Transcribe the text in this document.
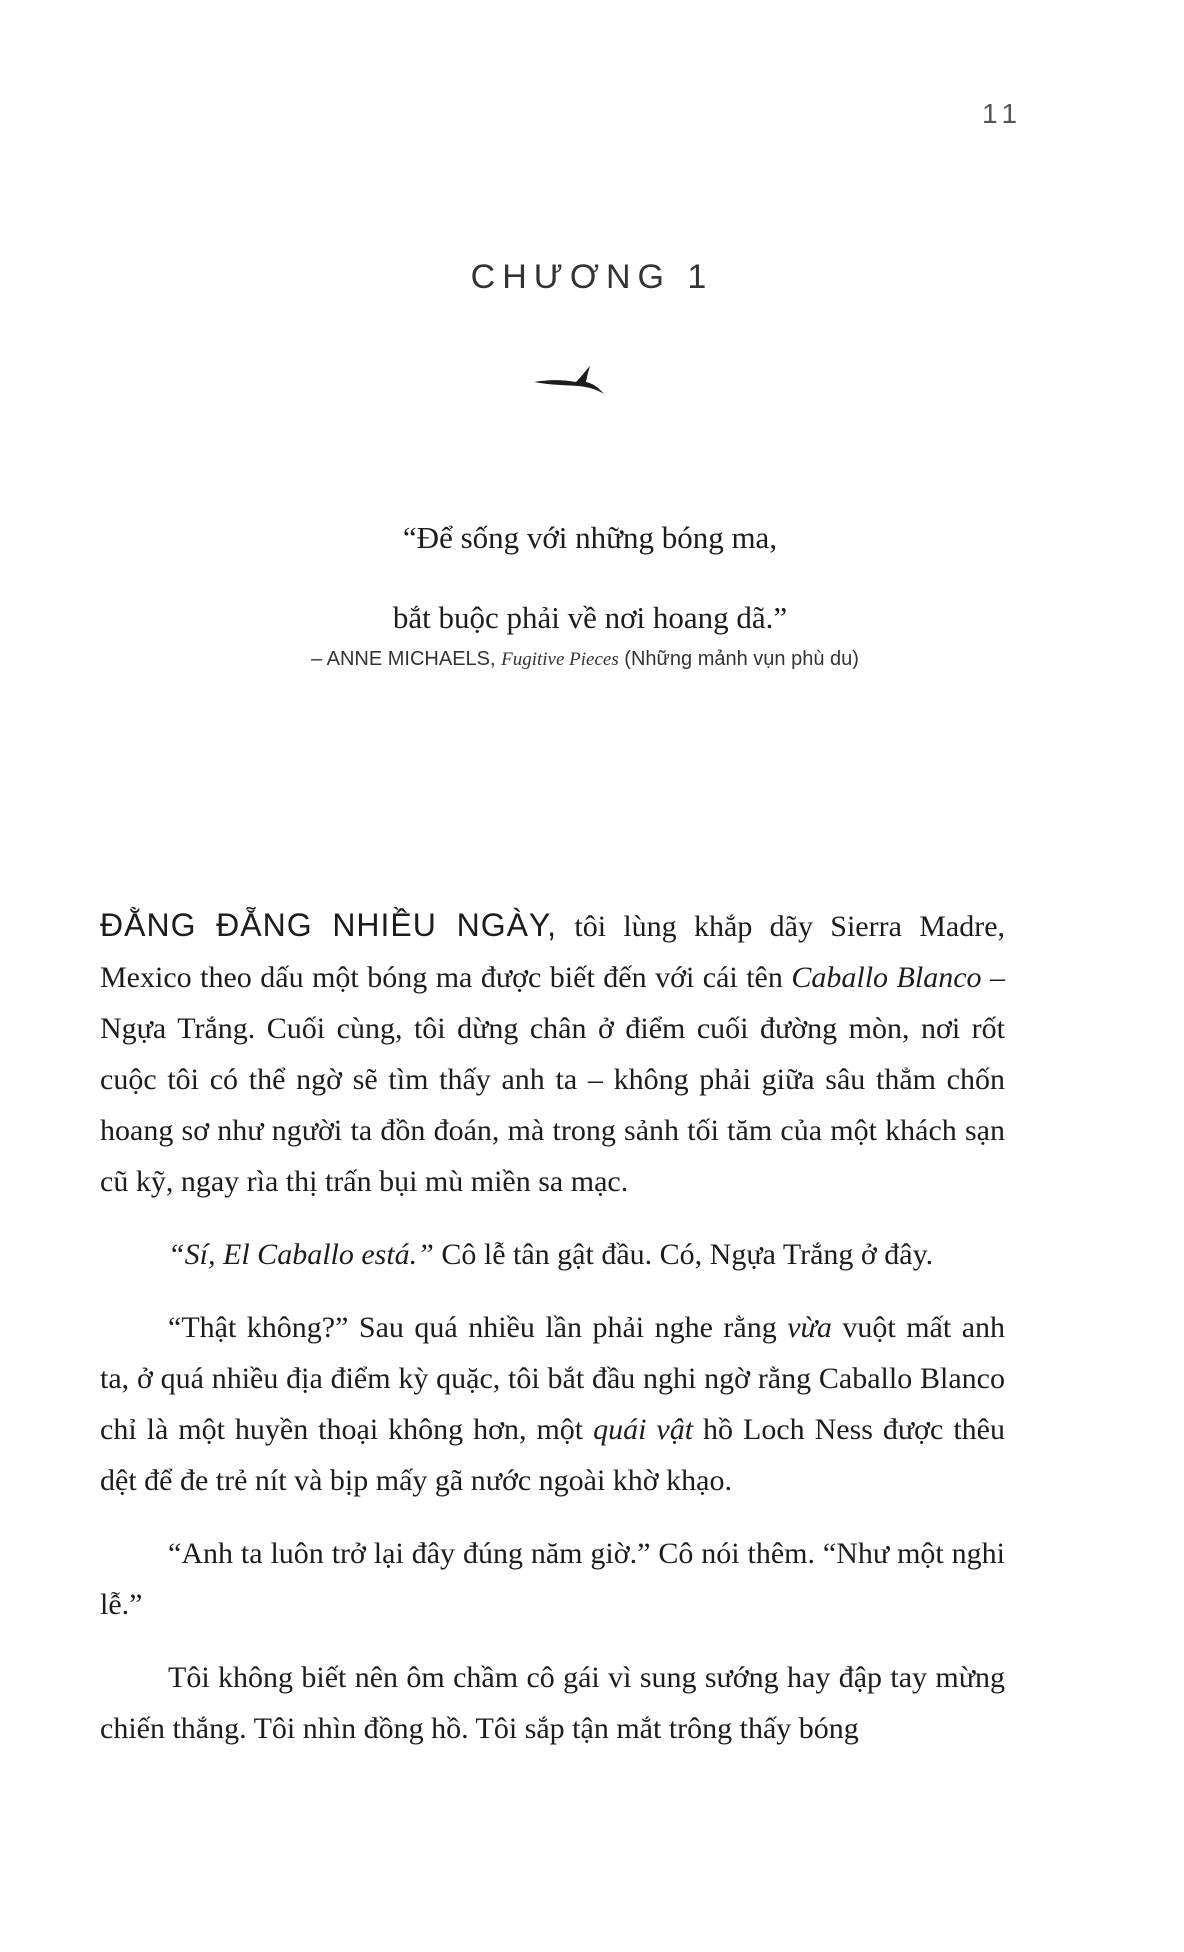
11
CHƯƠNG 1

“Để sống với những bóng ma,

bắt buộc phải về nơi hoang dã.”

– ANNE MICHAELS, Fugitive Pieces (Những mảnh vụn phù du)

ĐẰNG ĐẴNG NHIỀU NGÀY, tôi lùng khắp dãy Sierra Madre, Mexico theo dấu một bóng ma được biết đến với cái tên Caballo Blanco – Ngựa Trắng. Cuối cùng, tôi dừng chân ở điểm cuối đường mòn, nơi rốt cuộc tôi có thể ngờ sẽ tìm thấy anh ta – không phải giữa sâu thẳm chốn hoang sơ như người ta đồn đoán, mà trong sảnh tối tăm của một khách sạn cũ kỹ, ngay rìa thị trấn bụi mù miền sa mạc.

“Sí, El Caballo está.” Cô lễ tân gật đầu. Có, Ngựa Trắng ở đây.

“Thật không?” Sau quá nhiều lần phải nghe rằng vừa vuột mất anh ta, ở quá nhiều địa điểm kỳ quặc, tôi bắt đầu nghi ngờ rằng Caballo Blanco chỉ là một huyền thoại không hơn, một quái vật hồ Loch Ness được thêu dệt để đe trẻ nít và bịp mấy gã nước ngoài khờ khạo.

“Anh ta luôn trở lại đây đúng năm giờ.” Cô nói thêm. “Như một nghi lễ.”

Tôi không biết nên ôm chầm cô gái vì sung sướng hay đập tay mừng chiến thắng. Tôi nhìn đồng hồ. Tôi sắp tận mắt trông thấy bóng
